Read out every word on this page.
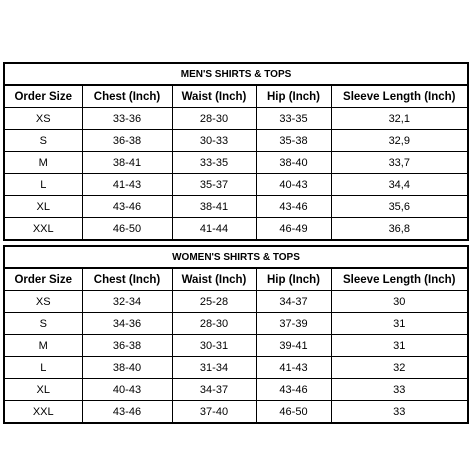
MEN'S SHIRTS & TOPS				
Order Size	Chest (Inch)	Waist (Inch)	Hip (Inch)	Sleeve Length (Inch)
XS	33-36	28-30	33-35	32,1
S	36-38	30-33	35-38	32,9
M	38-41	33-35	38-40	33,7
L	41-43	35-37	40-43	34,4
XL	43-46	38-41	43-46	35,6
XXL	46-50	41-44	46-49	36,8
WOMEN'S SHIRTS & TOPS				
Order Size	Chest (Inch)	Waist (Inch)	Hip (Inch)	Sleeve Length (Inch)
XS	32-34	25-28	34-37	30
S	34-36	28-30	37-39	31
M	36-38	30-31	39-41	31
L	38-40	31-34	41-43	32
XL	40-43	34-37	43-46	33
XXL	43-46	37-40	46-50	33
